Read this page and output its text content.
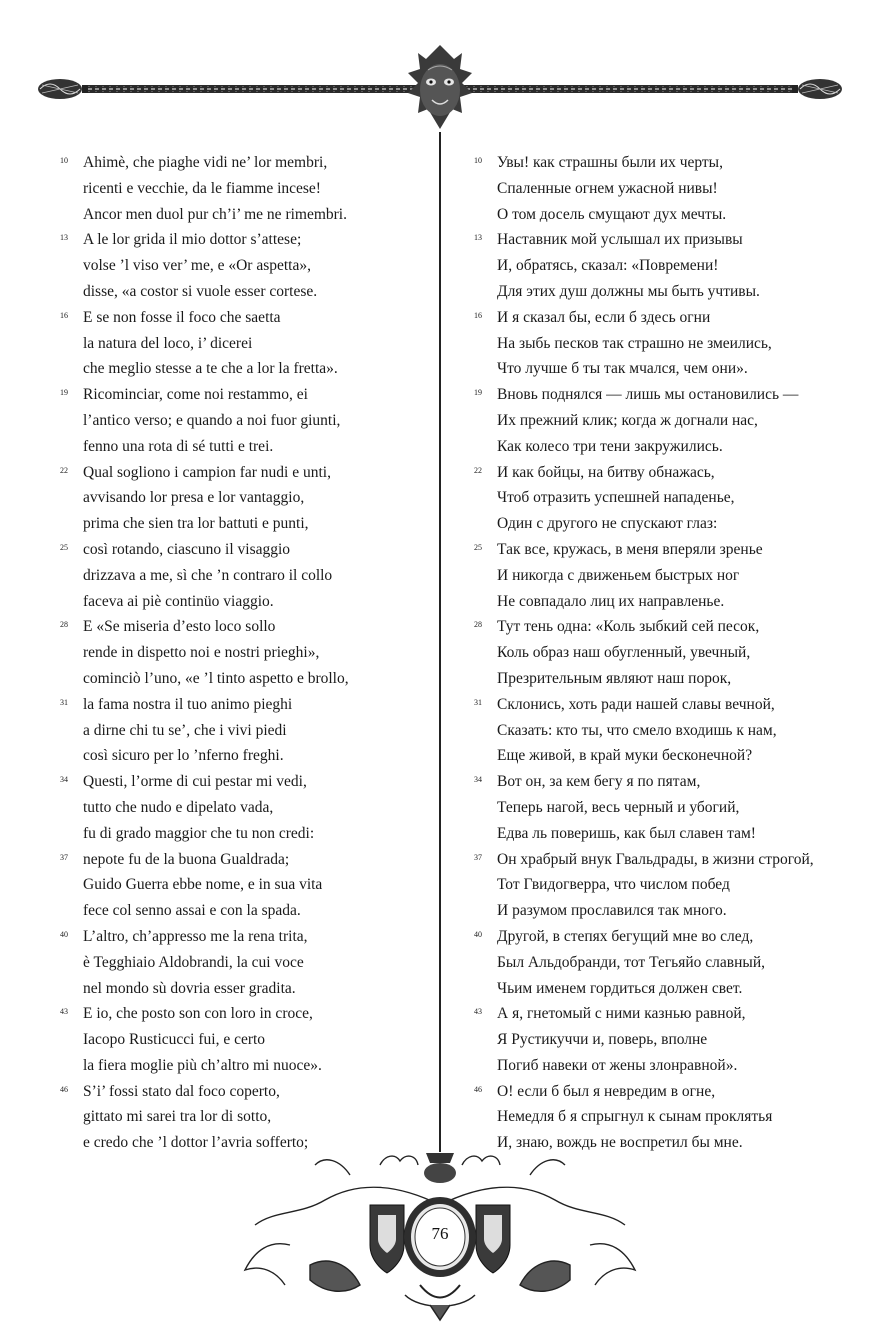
10 Ahimè, che piaghe vidi ne’ lor membri,
ricenti e vecchie, da le fiamme incese!
Ancor men duol pur ch’i’ me ne rimembri.
13 A le lor grida il mio dottor s’attese;
volse ’l viso ver’ me, e «Or aspetta»,
disse, «a costor si vuole esser cortese.
16 E se non fosse il foco che saetta
la natura del loco, i’ dicerei
che meglio stesse a te che a lor la fretta».
19 Ricominciar, come noi restammo, ei
l’antico verso; e quando a noi fuor giunti,
fenno una rota di sé tutti e trei.
22 Qual sogliono i campion far nudi e unti,
avvisando lor presa e lor vantaggio,
prima che sien tra lor battuti e punti,
25 così rotando, ciascuno il visaggio
drizzava a me, sì che ’n contraro il collo
faceva ai piè continüo viaggio.
28 E «Se miseria d’esto loco sollo
rende in dispetto noi e nostri prieghi»,
cominciò l’uno, «e ’l tinto aspetto e brollo,
31 la fama nostra il tuo animo pieghi
a dirne chi tu se’, che i vivi piedi
così sicuro per lo ’nferno freghi.
34 Questi, l’orme di cui pestar mi vedi,
tutto che nudo e dipelato vada,
fu di grado maggior che tu non credi:
37 nepote fu de la buona Gualdrada;
Guido Guerra ebbe nome, e in sua vita
fece col senno assai e con la spada.
40 L’altro, ch’appresso me la rena trita,
è Tegghiaio Aldobrandi, la cui voce
nel mondo sù dovria esser gradita.
43 E io, che posto son con loro in croce,
Iacopo Rusticucci fui, e certo
la fiera moglie più ch’altro mi nuoce».
46 S’i’ fossi stato dal foco coperto,
gittato mi sarei tra lor di sotto,
e credo che ’l dottor l’avria sofferto;
10 Увы! как страшны были их черты,
Спаленные огнем ужасной нивы!
О том досель смущают дух мечты.
13 Наставник мой услышал их призывы
И, обратясь, сказал: «Повремени!
Для этих душ должны мы быть учтивы.
16 И я сказал бы, если б здесь огни
На зыбь песков так страшно не змеились,
Что лучше б ты так мчался, чем они».
19 Вновь поднялся — лишь мы остановились —
Их прежний клик; когда ж догнали нас,
Как колесо три тени закружились.
22 И как бойцы, на битву обнажась,
Чтоб отразить успешней нападенье,
Один с другого не спускают глаз:
25 Так все, кружась, в меня вперяли зренье
И никогда с движеньем быстрых ног
Не совпадало лиц их направленье.
28 Тут тень одна: «Коль зыбкий сей песок,
Коль образ наш обугленный, увечный,
Презрительным являют наш порок,
31 Склонись, хоть ради нашей славы вечной,
Сказать: кто ты, что смело входишь к нам,
Еще живой, в край муки бесконечной?
34 Вот он, за кем бегу я по пятам,
Теперь нагой, весь черный и убогий,
Едва ль поверишь, как был славен там!
37 Он храбрый внук Гвальдрады, в жизни строгой,
Тот Гвидогверра, что числом побед
И разумом прославился так много.
40 Другой, в степях бегущий мне во след,
Был Альдобранди, тот Тегьяйо славный,
Чьим именем гордиться должен свет.
43 А я, гнетомый с ними казнью равной,
Я Рустикуччи и, поверь, вполне
Погиб навеки от жены злонравной».
46 О! если б был я невредим в огне,
Немедля б я спрыгнул к сынам проклятья
И, знаю, вождь не воспретил бы мне.
76
